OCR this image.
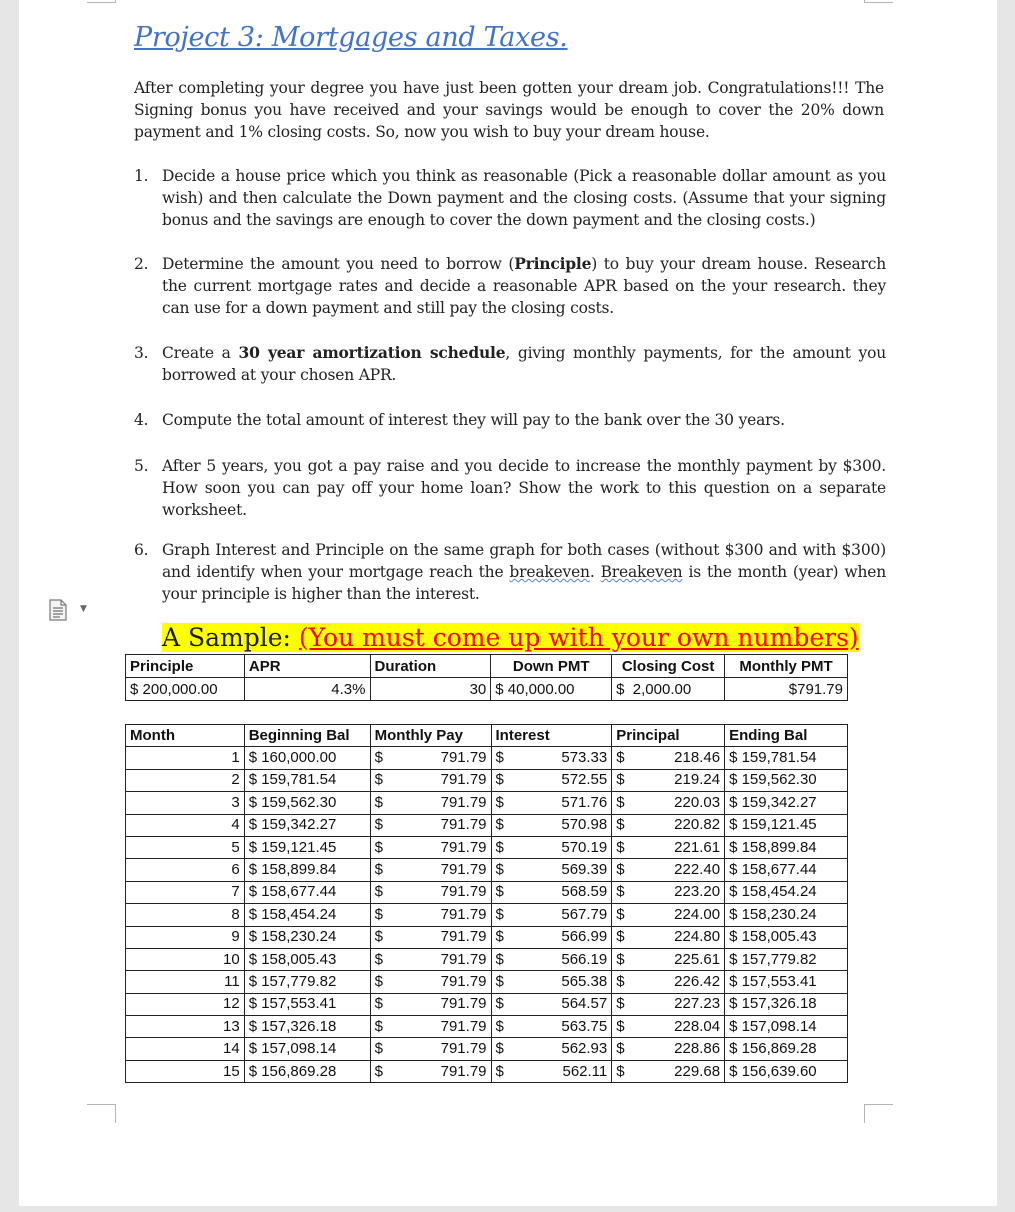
Project 3: Mortgages and Taxes.
After completing your degree you have just been gotten your dream job. Congratulations!!! The Signing bonus you have received and your savings would be enough to cover the 20% down payment and 1% closing costs. So, now you wish to buy your dream house.
1. Decide a house price which you think as reasonable (Pick a reasonable dollar amount as you wish) and then calculate the Down payment and the closing costs. (Assume that your signing bonus and the savings are enough to cover the down payment and the closing costs.)
2. Determine the amount you need to borrow (Principle) to buy your dream house. Research the current mortgage rates and decide a reasonable APR based on the your research. they can use for a down payment and still pay the closing costs.
3. Create a 30 year amortization schedule, giving monthly payments, for the amount you borrowed at your chosen APR.
4. Compute the total amount of interest they will pay to the bank over the 30 years.
5. After 5 years, you got a pay raise and you decide to increase the monthly payment by $300. How soon you can pay off your home loan? Show the work to this question on a separate worksheet.
6. Graph Interest and Principle on the same graph for both cases (without $300 and with $300) and identify when your mortgage reach the breakeven. Breakeven is the month (year) when your principle is higher than the interest.
▼
A Sample: (You must come up with your own numbers)
Principle	APR	Duration	Down PMT	Closing Cost	Monthly PMT
$ 200,000.00	4.3%	30	$ 40,000.00	$ 2,000.00	$791.79
Month	Beginning Bal	Monthly Pay	Interest	Principal	Ending Bal
1	$ 160,000.00	$ 791.79	$ 573.33	$ 218.46	$ 159,781.54
2	$ 159,781.54	$ 791.79	$ 572.55	$ 219.24	$ 159,562.30
3	$ 159,562.30	$ 791.79	$ 571.76	$ 220.03	$ 159,342.27
4	$ 159,342.27	$ 791.79	$ 570.98	$ 220.82	$ 159,121.45
5	$ 159,121.45	$ 791.79	$ 570.19	$ 221.61	$ 158,899.84
6	$ 158,899.84	$ 791.79	$ 569.39	$ 222.40	$ 158,677.44
7	$ 158,677.44	$ 791.79	$ 568.59	$ 223.20	$ 158,454.24
8	$ 158,454.24	$ 791.79	$ 567.79	$ 224.00	$ 158,230.24
9	$ 158,230.24	$ 791.79	$ 566.99	$ 224.80	$ 158,005.43
10	$ 158,005.43	$ 791.79	$ 566.19	$ 225.61	$ 157,779.82
11	$ 157,779.82	$ 791.79	$ 565.38	$ 226.42	$ 157,553.41
12	$ 157,553.41	$ 791.79	$ 564.57	$ 227.23	$ 157,326.18
13	$ 157,326.18	$ 791.79	$ 563.75	$ 228.04	$ 157,098.14
14	$ 157,098.14	$ 791.79	$ 562.93	$ 228.86	$ 156,869.28
15	$ 156,869.28	$ 791.79	$ 562.11	$ 229.68	$ 156,639.60
